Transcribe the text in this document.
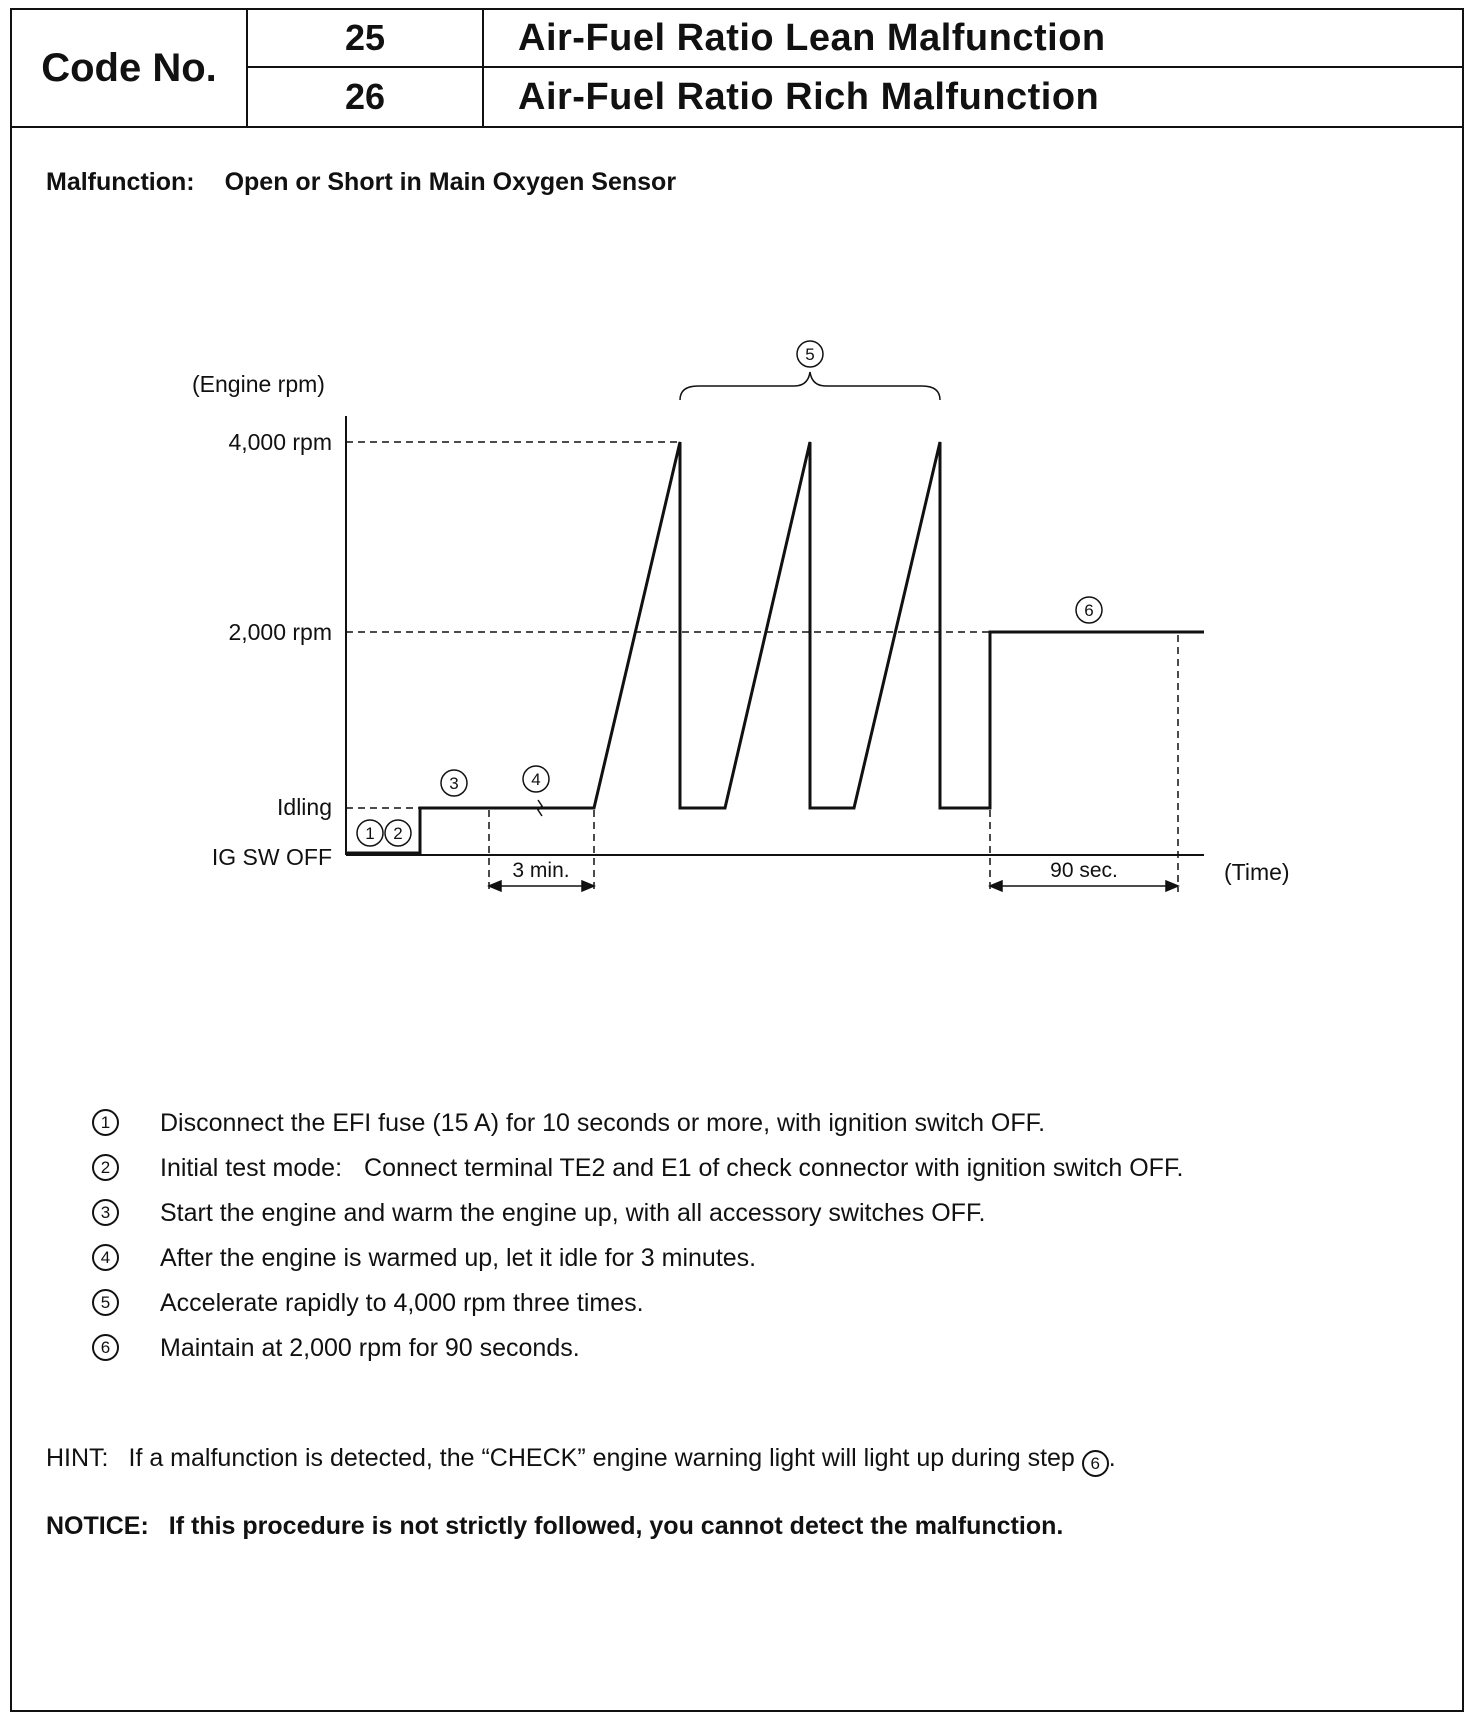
Code No.
25	Air-Fuel Ratio Lean Malfunction
26	Air-Fuel Ratio Rich Malfunction
Malfunction: Open or Short in Main Oxygen Sensor
(Engine rpm)
4,000 rpm
2,000 rpm
Idling
IG SW OFF
(Time)
3 min.	90 sec.
1 2
3	4
5
6
1	Disconnect the EFI fuse (15 A) for 10 seconds or more, with ignition switch OFF.
2	Initial test mode: Connect terminal TE2 and E1 of check connector with ignition switch OFF.
3	Start the engine and warm the engine up, with all accessory switches OFF.
4	After the engine is warmed up, let it idle for 3 minutes.
5	Accelerate rapidly to 4,000 rpm three times.
6	Maintain at 2,000 rpm for 90 seconds.
HINT: If a malfunction is detected, the “CHECK” engine warning light will light up during step 6 .
NOTICE: If this procedure is not strictly followed, you cannot detect the malfunction.
